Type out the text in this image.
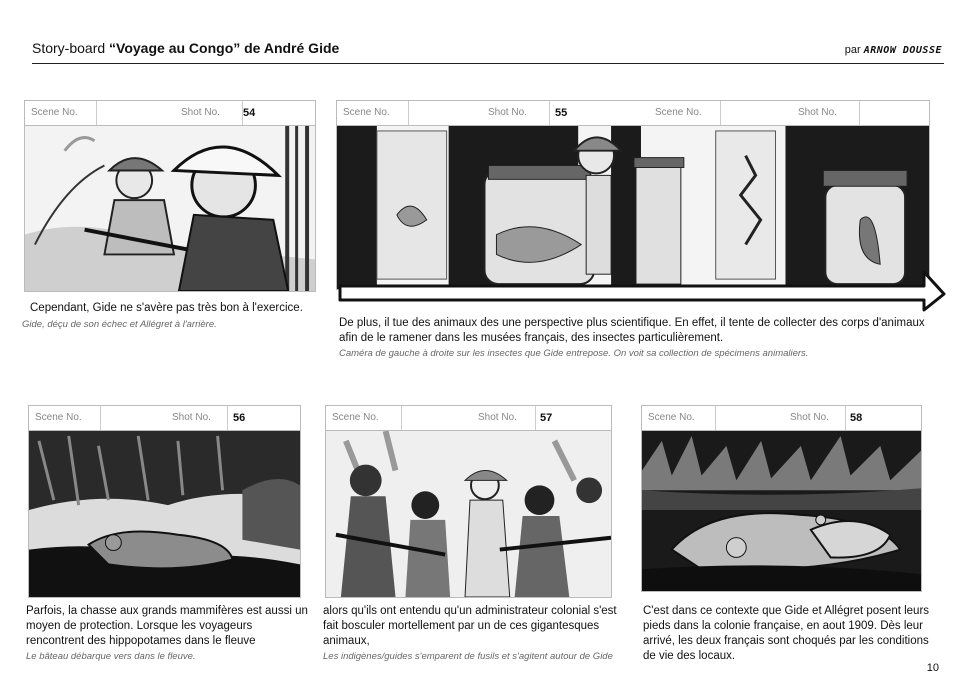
Story-board “Voyage au Congo” de André Gide	par ARNOW DOUSSE
Scene No.	Shot No.	54
Cependant, Gide ne s'avère pas très bon à l'exercice.
Gide, déçu de son échec et Allégret à l'arrière.
Scene No.	Shot No.	55	Scene No.	Shot No.
De plus, il tue des animaux des une perspective plus scientifique. En effet, il tente de collecter des corps d'animaux afin de le ramener dans les musées français, des insectes particulièrement.
Caméra de gauche à droite sur les insectes que Gide entrepose. On voit sa collection de spécimens animaliers.
Scene No.	Shot No.	56
Parfois, la chasse aux grands mammifères est aussi un moyen de protection. Lorsque les voyageurs rencontrent des hippopotames dans le fleuve
Le bâteau débarque vers dans le fleuve.
Scene No.	Shot No.	57
alors qu'ils ont entendu qu'un administrateur colonial s'est fait bosculer mortellement par un de ces gigantesques animaux,
Les indigènes/guides s'emparent de fusils et s'agitent autour de Gide
Scene No.	Shot No.	58
C'est dans ce contexte que Gide et Allégret posent leurs pieds dans la colonie française, en aout 1909. Dès leur arrivé, les deux français sont choqués par les conditions de vie des locaux.
10
